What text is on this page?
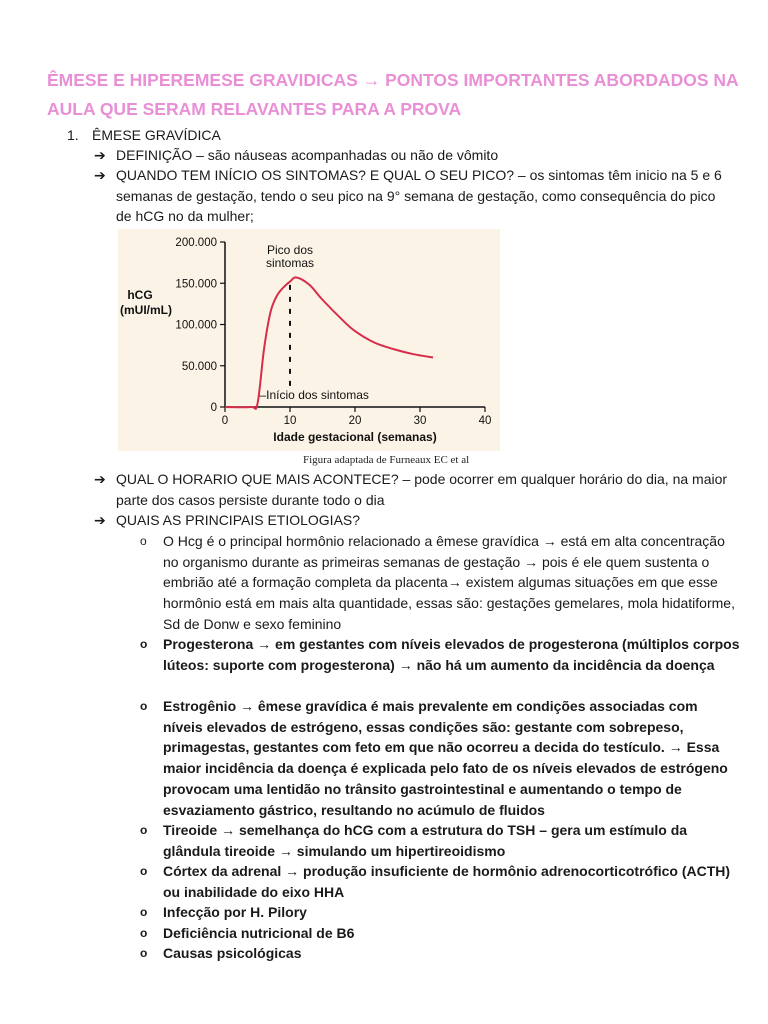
ÊMESE E HIPEREMESE GRAVIDICAS → PONTOS IMPORTANTES ABORDADOS NA AULA QUE SERAM RELAVANTES PARA A PROVA
1. ÊMESE GRAVÍDICA
➔ DEFINIÇÃO – são náuseas acompanhadas ou não de vômito
➔ QUANDO TEM INÍCIO OS SINTOMAS? E QUAL O SEU PICO? – os sintomas têm inicio na 5 e 6 semanas de gestação, tendo o seu pico na 9° semana de gestação, como consequência do pico de hCG no da mulher;
hCG
(mUI/mL)
0
50.000
100.000
150.000
200.000
0	10	20	30	40
Pico dos
sintomas
–Início dos sintomas
Idade gestacional (semanas)
Figura adaptada de Furneaux EC et al
➔ QUAL O HORARIO QUE MAIS ACONTECE? – pode ocorrer em qualquer horário do dia, na maior parte dos casos persiste durante todo o dia
➔ QUAIS AS PRINCIPAIS ETIOLOGIAS?
o O Hcg é o principal hormônio relacionado a êmese gravídica → está em alta concentração no organismo durante as primeiras semanas de gestação → pois é ele quem sustenta o embrião até a formação completa da placenta→ existem algumas situações em que esse hormônio está em mais alta quantidade, essas são: gestações gemelares, mola hidatiforme, Sd de Donw e sexo feminino
o Progesterona → em gestantes com níveis elevados de progesterona (múltiplos corpos lúteos: suporte com progesterona) → não há um aumento da incidência da doença
o Estrogênio → êmese gravídica é mais prevalente em condições associadas com níveis elevados de estrógeno, essas condições são: gestante com sobrepeso, primagestas, gestantes com feto em que não ocorreu a decida do testículo. → Essa maior incidência da doença é explicada pelo fato de os níveis elevados de estrógeno provocam uma lentidão no trânsito gastrointestinal e aumentando o tempo de esvaziamento gástrico, resultando no acúmulo de fluidos
o Tireoide → semelhança do hCG com a estrutura do TSH – gera um estímulo da glândula tireoide → simulando um hipertireoidismo
o Córtex da adrenal → produção insuficiente de hormônio adrenocorticotrófico (ACTH) ou inabilidade do eixo HHA
o Infecção por H. Pilory
o Deficiência nutricional de B6
o Causas psicológicas
